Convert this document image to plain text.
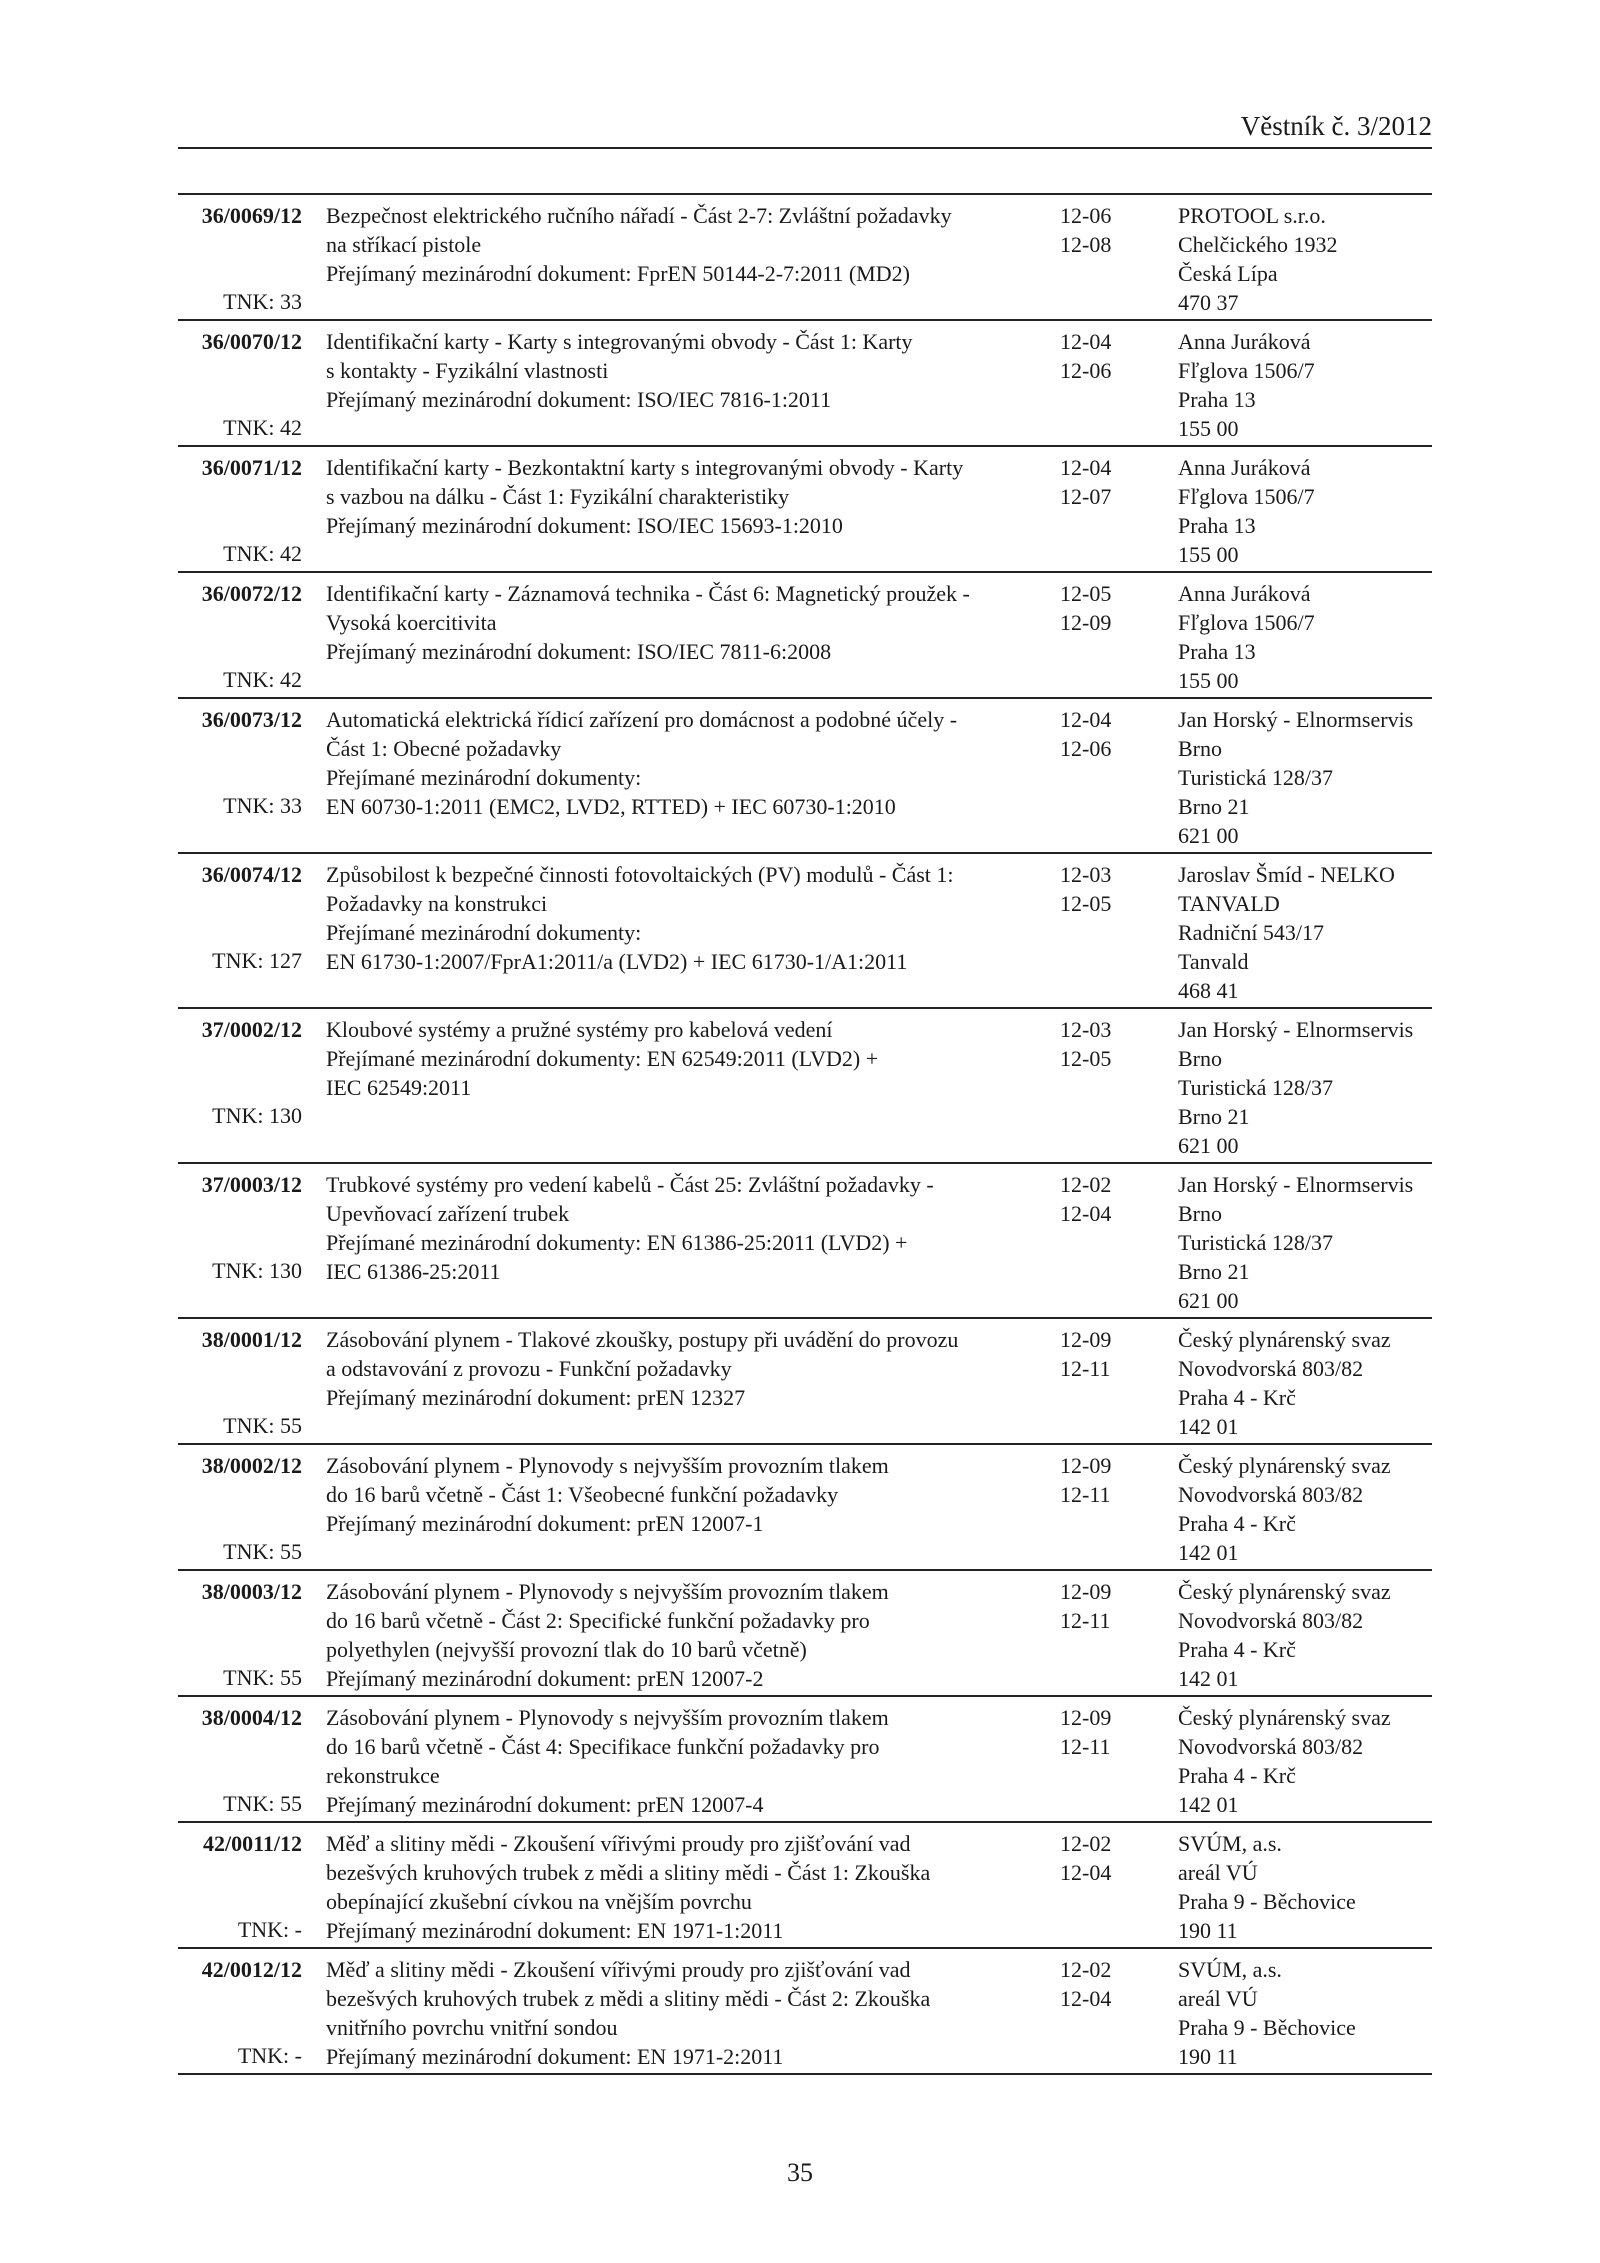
Věstník č. 3/2012
36/0069/12
TNK: 33
Bezpečnost elektrického ručního nářadí - Část 2-7: Zvláštní požadavky
na stříkací pistole
Přejímaný mezinárodní dokument: FprEN 50144-2-7:2011 (MD2)
12-06
12-08
PROTOOL s.r.o.
Chelčického 1932
Česká Lípa
470 37
36/0070/12
TNK: 42
Identifikační karty - Karty s integrovanými obvody - Část 1: Karty
s kontakty - Fyzikální vlastnosti
Přejímaný mezinárodní dokument: ISO/IEC 7816-1:2011
12-04
12-06
Anna Juráková
Fľglova 1506/7
Praha 13
155 00
36/0071/12
TNK: 42
Identifikační karty - Bezkontaktní karty s integrovanými obvody - Karty
s vazbou na dálku - Část 1: Fyzikální charakteristiky
Přejímaný mezinárodní dokument: ISO/IEC 15693-1:2010
12-04
12-07
Anna Juráková
Fľglova 1506/7
Praha 13
155 00
36/0072/12
TNK: 42
Identifikační karty - Záznamová technika - Část 6: Magnetický proužek -
Vysoká koercitivita
Přejímaný mezinárodní dokument: ISO/IEC 7811-6:2008
12-05
12-09
Anna Juráková
Fľglova 1506/7
Praha 13
155 00
36/0073/12
TNK: 33
Automatická elektrická řídicí zařízení pro domácnost a podobné účely -
Část 1: Obecné požadavky
Přejímané mezinárodní dokumenty:
EN 60730-1:2011 (EMC2, LVD2, RTTED) + IEC 60730-1:2010
12-04
12-06
Jan Horský - Elnormservis
Brno
Turistická 128/37
Brno 21
621 00
36/0074/12
TNK: 127
Způsobilost k bezpečné činnosti fotovoltaických (PV) modulů - Část 1:
Požadavky na konstrukci
Přejímané mezinárodní dokumenty:
EN 61730-1:2007/FprA1:2011/a (LVD2) + IEC 61730-1/A1:2011
12-03
12-05
Jaroslav Šmíd - NELKO
TANVALD
Radniční 543/17
Tanvald
468 41
37/0002/12
TNK: 130
Kloubové systémy a pružné systémy pro kabelová vedení
Přejímané mezinárodní dokumenty: EN 62549:2011 (LVD2) +
IEC 62549:2011
12-03
12-05
Jan Horský - Elnormservis
Brno
Turistická 128/37
Brno 21
621 00
37/0003/12
TNK: 130
Trubkové systémy pro vedení kabelů - Část 25: Zvláštní požadavky -
Upevňovací zařízení trubek
Přejímané mezinárodní dokumenty: EN 61386-25:2011 (LVD2) +
IEC 61386-25:2011
12-02
12-04
Jan Horský - Elnormservis
Brno
Turistická 128/37
Brno 21
621 00
38/0001/12
TNK: 55
Zásobování plynem - Tlakové zkoušky, postupy při uvádění do provozu
a odstavování z provozu - Funkční požadavky
Přejímaný mezinárodní dokument: prEN 12327
12-09
12-11
Český plynárenský svaz
Novodvorská 803/82
Praha 4 - Krč
142 01
38/0002/12
TNK: 55
Zásobování plynem - Plynovody s nejvyšším provozním tlakem
do 16 barů včetně - Část 1: Všeobecné funkční požadavky
Přejímaný mezinárodní dokument: prEN 12007-1
12-09
12-11
Český plynárenský svaz
Novodvorská 803/82
Praha 4 - Krč
142 01
38/0003/12
TNK: 55
Zásobování plynem - Plynovody s nejvyšším provozním tlakem
do 16 barů včetně - Část 2: Specifické funkční požadavky pro
polyethylen (nejvyšší provozní tlak do 10 barů včetně)
Přejímaný mezinárodní dokument: prEN 12007-2
12-09
12-11
Český plynárenský svaz
Novodvorská 803/82
Praha 4 - Krč
142 01
38/0004/12
TNK: 55
Zásobování plynem - Plynovody s nejvyšším provozním tlakem
do 16 barů včetně - Část 4: Specifikace funkční požadavky pro
rekonstrukce
Přejímaný mezinárodní dokument: prEN 12007-4
12-09
12-11
Český plynárenský svaz
Novodvorská 803/82
Praha 4 - Krč
142 01
42/0011/12
TNK: -
Měď a slitiny mědi - Zkoušení vířivými proudy pro zjišťování vad
bezešvých kruhových trubek z mědi a slitiny mědi - Část 1: Zkouška
obepínající zkušební cívkou na vnějším povrchu
Přejímaný mezinárodní dokument: EN 1971-1:2011
12-02
12-04
SVÚM, a.s.
areál VÚ
Praha 9 - Běchovice
190 11
42/0012/12
TNK: -
Měď a slitiny mědi - Zkoušení vířivými proudy pro zjišťování vad
bezešvých kruhových trubek z mědi a slitiny mědi - Část 2: Zkouška
vnitřního povrchu vnitřní sondou
Přejímaný mezinárodní dokument: EN 1971-2:2011
12-02
12-04
SVÚM, a.s.
areál VÚ
Praha 9 - Běchovice
190 11
35
